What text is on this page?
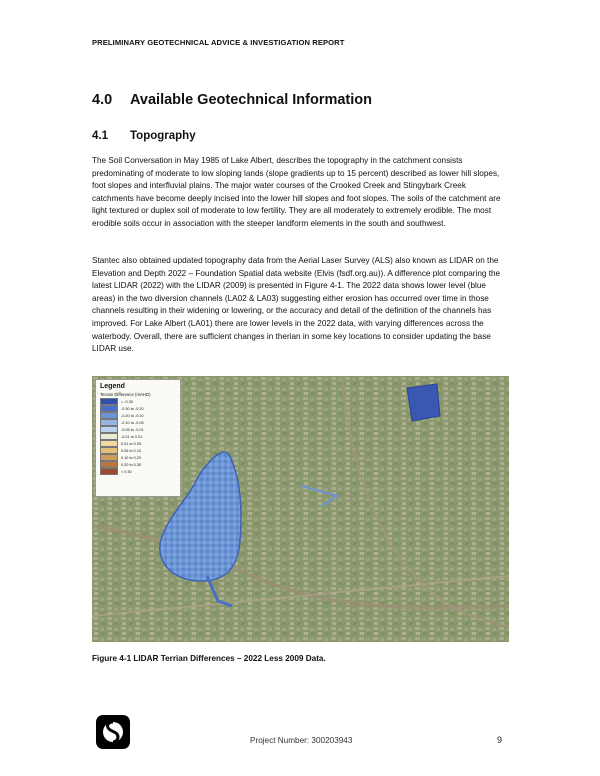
PRELIMINARY GEOTECHNICAL ADVICE & INVESTIGATION REPORT
4.0 Available Geotechnical Information
4.1 Topography
The Soil Conversation in May 1985 of Lake Albert, describes the topography in the catchment consists predominating of moderate to low sloping lands (slope gradients up to 15 percent) described as lower hill slopes, foot slopes and interfluvial plains. The major water courses of the Crooked Creek and Stingybark Creek catchments have become deeply incised into the lower hill slopes and foot slopes. The soils of the catchment are light textured or duplex soil of moderate to low fertility. They are all moderately to extremely erodible. The most erodible soils occur in association with the steeper landform elements in the south and southwest.
Stantec also obtained updated topography data from the Aerial Laser Survey (ALS) also known as LIDAR on the Elevation and Depth 2022 – Foundation Spatial data website (Elvis (fsdf.org.au)). A difference plot comparing the latest LIDAR (2022) with the LIDAR (2009) is presented in Figure 4-1. The 2022 data shows lower level (blue areas) in the two diversion channels (LA02 & LA03) suggesting either erosion has occurred over time in those channels resulting in their widening or lowering, or the accuracy and detail of the definition of the channels has improved. For Lake Albert (LA01) there are lower levels in the 2022 data, with varying differences across the waterbody. Overall, there are sufficient changes in therian in some key locations to consider updating the base LIDAR use.
Legend
Terrain Difference (mAHD)
< -0.30
-0.30 to -0.20
-0.20 to -0.10
-0.10 to -0.05
-0.05 to -0.01
-0.01 to 0.01
0.01 to 0.05
0.05 to 0.10
0.10 to 0.20
0.20 to 0.30
> 0.30
Figure 4-1 LIDAR Terrian Differences – 2022 Less 2009 Data.
Project Number: 300203943	9
